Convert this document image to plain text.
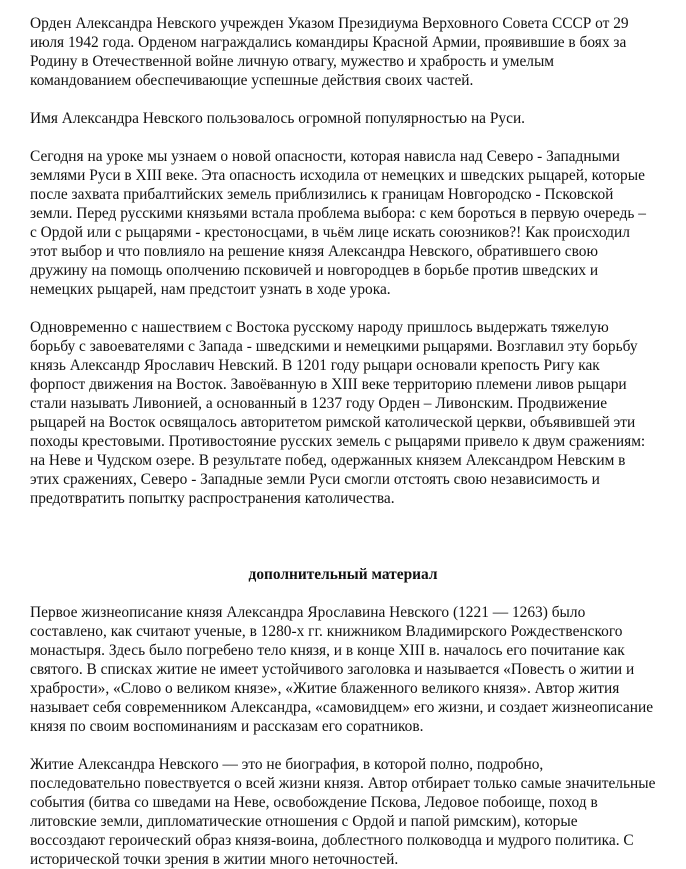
Орден Александра Невского учрежден Указом Президиума Верховного Совета СССР от 29 июля 1942 года. Орденом награждались командиры Красной Армии, проявившие в боях за Родину в Отечественной войне личную отвагу, мужество и храбрость и умелым командованием обеспечивающие успешные действия своих частей.

Имя Александра Невского пользовалось огромной популярностью на Руси.

Сегодня на уроке мы узнаем о новой опасности, которая нависла над Северо - Западными землями Руси в XIII веке. Эта опасность исходила от немецких и шведских рыцарей, которые после захвата прибалтийских земель приблизились к границам Новгородско - Псковской земли. Перед русскими князьями встала проблема выбора: с кем бороться в первую очередь – с Ордой или с рыцарями - крестоносцами, в чьём лице искать союзников?! Как происходил этот выбор и что повлияло на решение князя Александра Невского, обратившего свою дружину на помощь ополчению псковичей и новгородцев в борьбе против шведских и немецких рыцарей, нам предстоит узнать в ходе урока.

Одновременно с нашествием с Востока русскому народу пришлось выдержать тяжелую борьбу с завоевателями с Запада - шведскими и немецкими рыцарями. Возглавил эту борьбу князь Александр Ярославич Невский. В 1201 году рыцари основали крепость Ригу как форпост движения на Восток. Завоёванную в XIII веке территорию племени ливов рыцари стали называть Ливонией, а основанный в 1237 году Орден – Ливонским. Продвижение рыцарей на Восток освящалось авторитетом римской католической церкви, объявившей эти походы крестовыми. Противостояние русских земель с рыцарями привело к двум сражениям: на Неве и Чудском озере. В результате побед, одержанных князем Александром Невским в этих сражениях, Северо - Западные земли Руси смогли отстоять свою независимость и предотвратить попытку распространения католичества.

дополнительный материал

Первое жизнеописание князя Александра Ярославина Невского (1221 — 1263) было составлено, как считают ученые, в 1280-х гг. книжником Владимирского Рождественского монастыря. Здесь было погребено тело князя, и в конце XIII в. началось его почитание как святого. В списках житие не имеет устойчивого заголовка и называется «Повесть о житии и храбрости», «Слово о великом князе», «Житие блаженного великого князя». Автор жития называет себя современником Александра, «самовидцем» его жизни, и создает жизнеописание князя по своим воспоминаниям и рассказам его соратников.

Житие Александра Невского — это не биография, в которой полно, подробно, последовательно повествуется о всей жизни князя. Автор отбирает только самые значительные события (битва со шведами на Неве, освобождение Пскова, Ледовое побоище, поход в литовские земли, дипломатические отношения с Ордой и папой римским), которые воссоздают героический образ князя-воина, доблестного полководца и мудрого политика. С исторической точки зрения в житии много неточностей.
